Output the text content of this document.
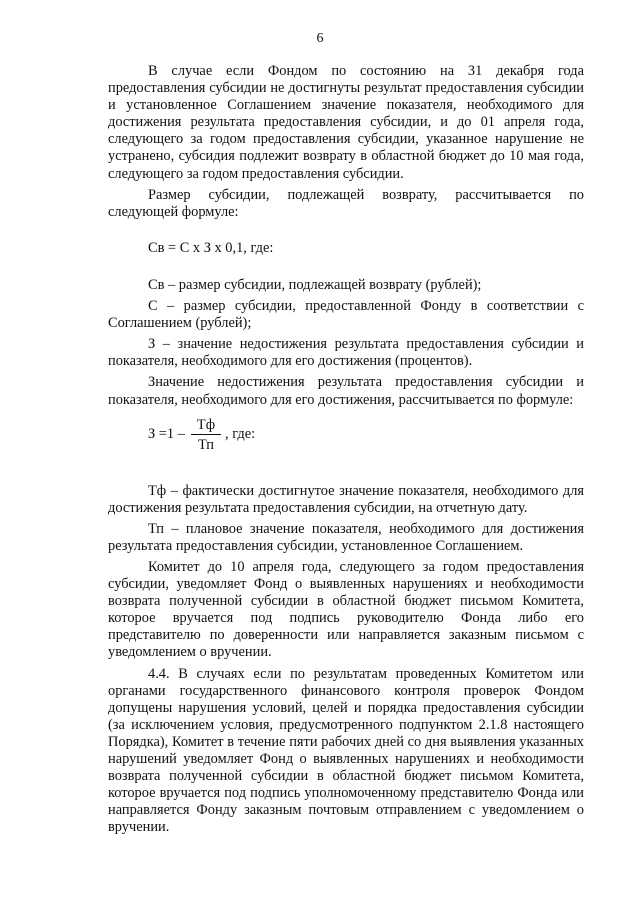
6

В случае если Фондом по состоянию на 31 декабря года предоставления субсидии не достигнуты результат предоставления субсидии и установленное Соглашением значение показателя, необходимого для достижения результата предоставления субсидии, и до 01 апреля года, следующего за годом предоставления субсидии, указанное нарушение не устранено, субсидия подлежит возврату в областной бюджет до 10 мая года, следующего за годом предоставления субсидии.

Размер субсидии, подлежащей возврату, рассчитывается по следующей формуле:

Св = С х З х 0,1, где:

Св – размер субсидии, подлежащей возврату (рублей);

С – размер субсидии, предоставленной Фонду в соответствии с Соглашением (рублей);

З – значение недостижения результата предоставления субсидии и показателя, необходимого для его достижения (процентов).

Значение недостижения результата предоставления субсидии и показателя, необходимого для его достижения, рассчитывается по формуле:

$З =1 - \frac{Тф}{Тп}$ , где:

Тф – фактически достигнутое значение показателя, необходимого для достижения результата предоставления субсидии, на отчетную дату.

Тп – плановое значение показателя, необходимого для достижения результата предоставления субсидии, установленное Соглашением.

Комитет до 10 апреля года, следующего за годом предоставления субсидии, уведомляет Фонд о выявленных нарушениях и необходимости возврата полученной субсидии в областной бюджет письмом Комитета, которое вручается под подпись руководителю Фонда либо его представителю по доверенности или направляется заказным письмом с уведомлением о вручении.

4.4. В случаях если по результатам проведенных Комитетом или органами государственного финансового контроля проверок Фондом допущены нарушения условий, целей и порядка предоставления субсидии (за исключением условия, предусмотренного подпунктом 2.1.8 настоящего Порядка), Комитет в течение пяти рабочих дней со дня выявления указанных нарушений уведомляет Фонд о выявленных нарушениях и необходимости возврата полученной субсидии в областной бюджет письмом Комитета, которое вручается под подпись уполномоченному представителю Фонда или направляется Фонду заказным почтовым отправлением с уведомлением о вручении.
